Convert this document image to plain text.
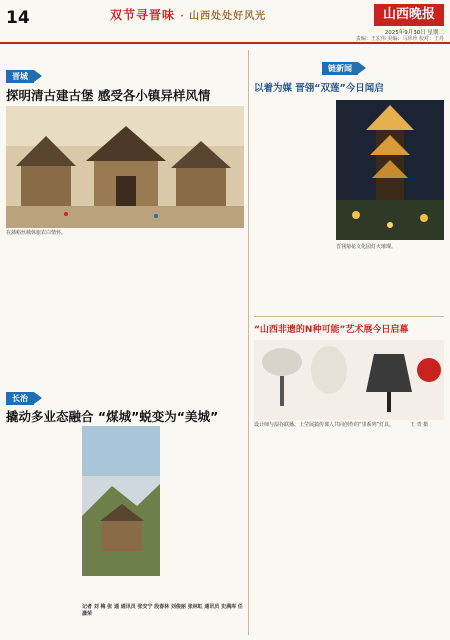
14	双节寻晋味 · 山西处处好风光	山西晚报
2025年9月30日 星期二
责编：王宏伟 美编：马珍珍 校对：王丹
晋城
探明清古建古堡 感受各小镇异样风情
在蒲峪丝城休旅农白情怀。

长治
撬动多业态融合 “煤城”蜕变为“美城”

记者 刘 梅 张 通 通讯员 张安宁 段春林 刘俊丽 张林虹 通讯员 史满库 任潇荣
链新闻
以着为媒 晋翎“双莲”今日闻启

晋翎菊花文化园灯火璀璨。
“山西非遗的N种可能”艺术展今日启幕
设计师与湿谷联播、上莹展搞传课人共同创作的“里系列”灯具。	王 青 摄
